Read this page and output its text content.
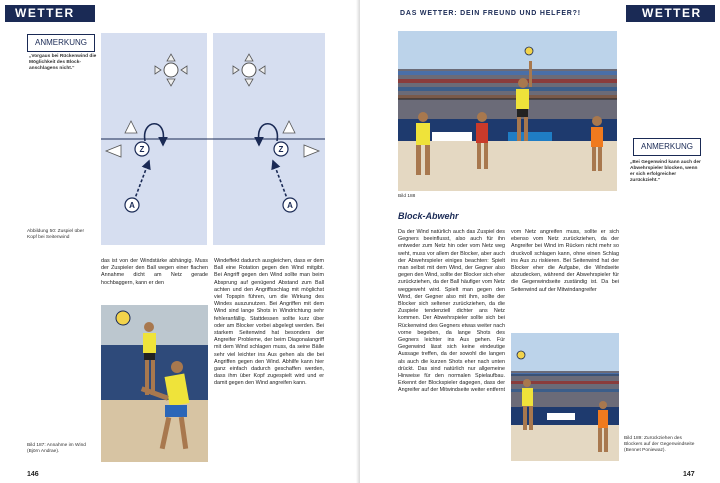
WETTER
ANMERKUNG
„Vorgaus bei Rückenwind die Möglichkeit des Block-anschlagens nicht.“
Z
A
Z
A
Abbildung 50: Zuspiel über Kopf bei Seitenwind
das ist von der Windstärke abhängig. Muss der Zuspieler den Ball wegen einer flachen Annahme dicht am Netz gerade hochbaggern, kann er den
Windeffekt dadurch ausgleichen, dass er dem Ball eine Rotation gegen den Wind mitgibt. Bei Angriff gegen den Wind sollte man beim Absprung auf genügend Abstand zum Ball achten und den Angriffsschlag mit möglichst viel Topspin führen, um die Wirkung des Windes auszunutzen. Bei Angriffen mit dem Wind sind lange Shots in Windrichtung sehr fehleranfällig. Stattdessen sollte kurz über oder am Blocker vorbei abgelegt werden. Bei starkem Seitenwind hat besonders der Angreifer Probleme, der beim Diagonalangriff mit dem Wind schlagen muss, da seine Bälle sehr viel leichter ins Aus gehen als die bei Angriffen gegen den Wind. Abhilfe kann hier ganz einfach dadurch geschaffen werden, dass ihm über Kopf zugespielt wird und er damit gegen den Wind angreifen kann.
Bild 187: Annahme im Wind (Björn Andrae).
146
DAS WETTER: DEIN FREUND UND HELFER?!	WETTER
Bild 188
ANMERKUNG
„Bei Gegenwind kann auch der Abwehrspieler blocken, wenn er sich erfolgreicher zurückzieht.“
Block-Abwehr
Da der Wind natürlich auch das Zuspiel des Gegners beeinflusst, also auch für ihn entweder zum Netz hin oder vom Netz weg weht, muss vor allem der Blocker, aber auch der Abwehrspieler einiges beachten: Spielt man selbst mit dem Wind, der Gegner also gegen den Wind, sollte der Blocker sich eher zurückziehen, da der Ball häufiger vom Netz weggeweht wird. Spielt man gegen den Wind, der Gegner also mit ihm, sollte der Blocker sich seltener zurückziehen, da die Zuspiele tendenziell dichter ans Netz kommen. Der Abwehrspieler sollte sich bei Rückenwind des Gegners etwas weiter nach vorne begeben, da lange Shots des Gegners leichter ins Aus gehen. Für Gegenwind lässt sich keine eindeutige Aussage treffen, da der sowohl die langen als auch die kurzen Shots eher nach unten drückt. Das sind natürlich nur allgemeine Hinweise für den normalen Spielaufbau. Erkennt der Blockspieler dagegen, dass der Angreifer auf der Mitwindseite weiter entfernt
vom Netz angreifen muss, sollte er sich ebenso vom Netz zurückziehen, da der Angreifer bei Wind im Rücken nicht mehr so druckvoll schlagen kann, ohne einen Schlag ins Aus zu riskieren. Bei Seitenwind hat der Blocker eher die Aufgabe, die Windseite abzudecken, während der Abwehrspieler für die Gegenwindseite zuständig ist. Da bei Seitenwind auf der Mitwindangreifer
Bild 189: Zurückziehen des Blockers auf der Gegenwindseite (Bennet Poniewaz).
147
